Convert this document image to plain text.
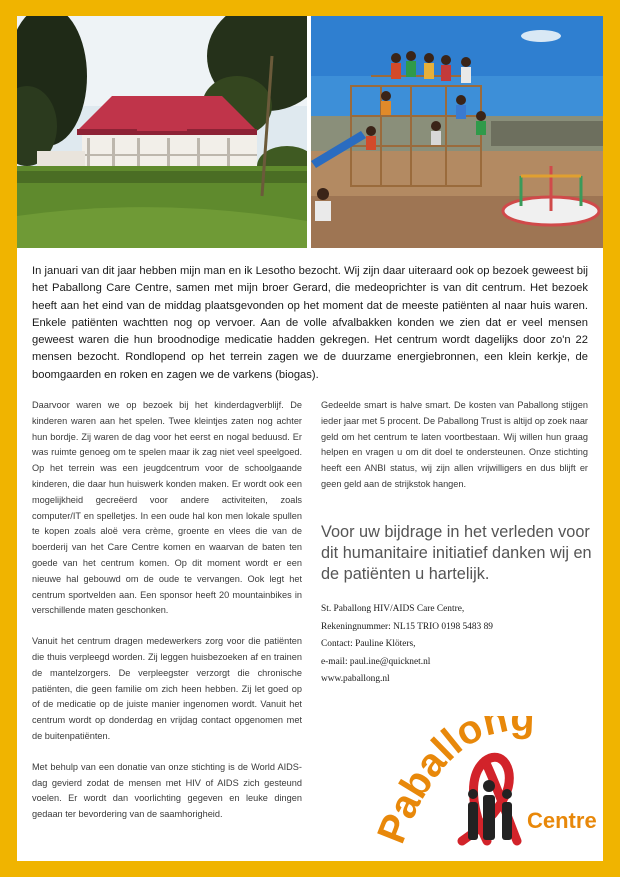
In januari van dit jaar hebben mijn man en ik Lesotho bezocht. Wij zijn daar uiteraard ook op bezoek geweest bij het Paballong Care Centre, samen met mijn broer Gerard, die medeoprichter is van dit centrum. Het bezoek heeft aan het eind van de middag plaatsgevonden op het moment dat de meeste patiënten al naar huis waren. Enkele patiënten wachtten nog op vervoer. Aan de volle afvalbakken konden we zien dat er veel mensen geweest waren die hun broodnodige medicatie hadden gekregen. Het centrum wordt dagelijks door zo'n 22 mensen bezocht. Rondlopend op het terrein zagen we de duurzame energiebronnen, een klein kerkje, de boomgaarden en roken en zagen we de varkens (biogas).

Daarvoor waren we op bezoek bij het kinderdagverblijf. De kinderen waren aan het spelen. Twee kleintjes zaten nog achter hun bordje. Zij waren de dag voor het eerst en nogal beduusd. Er was ruimte genoeg om te spelen maar ik zag niet veel speelgoed. Op het terrein was een jeugdcentrum voor de schoolgaande kinderen, die daar hun huiswerk konden maken. Er wordt ook een mogelijkheid gecreëerd voor andere activiteiten, zoals computer/IT en spelletjes. In een oude hal kon men lokale spullen te kopen zoals aloë vera crème, groente en vlees die van de boerderij van het Care Centre komen en waarvan de baten ten goede van het centrum komen. Op dit moment wordt er een nieuwe hal gebouwd om de oude te vervangen. Ook legt het centrum sportvelden aan. Een sponsor heeft 20 mountainbikes in verschillende maten geschonken.

Vanuit het centrum dragen medewerkers zorg voor die patiënten die thuis verpleegd worden. Zij leggen huisbezoeken af en trainen de mantelzorgers. De verpleegster verzorgt die chronische patiënten, die geen familie om zich heen hebben. Zij let goed op of de medicatie op de juiste manier ingenomen wordt. Vanuit het centrum wordt op donderdag en vrijdag contact opgenomen met de buitenpatiënten.

Met behulp van een donatie van onze stichting is de World AIDS-dag gevierd zodat de mensen met HIV of AIDS zich gesteund voelen. Er wordt dan voorlichting gegeven en leuke dingen gedaan ter bevordering van de saamhorigheid.

Gedeelde smart is halve smart. De kosten van Paballong stijgen ieder jaar met 5 procent. De Paballong Trust is altijd op zoek naar geld om het centrum te laten voortbestaan. Wij willen hun graag helpen en vragen u om dit doel te ondersteunen. Onze stichting heeft een ANBI status, wij zijn allen vrijwilligers en dus blijft er geen geld aan de strijkstok hangen.

Voor uw bijdrage in het verleden voor dit humanitaire initiatief danken wij en de patiënten u hartelijk.

St. Paballong HIV/AIDS Care Centre,
Rekeningnummer: NL15 TRIO 0198 5483 89
Contact: Pauline Klöters,
e-mail: paul.ine@quicknet.nl
www.paballong.nl
aballong
Centre
